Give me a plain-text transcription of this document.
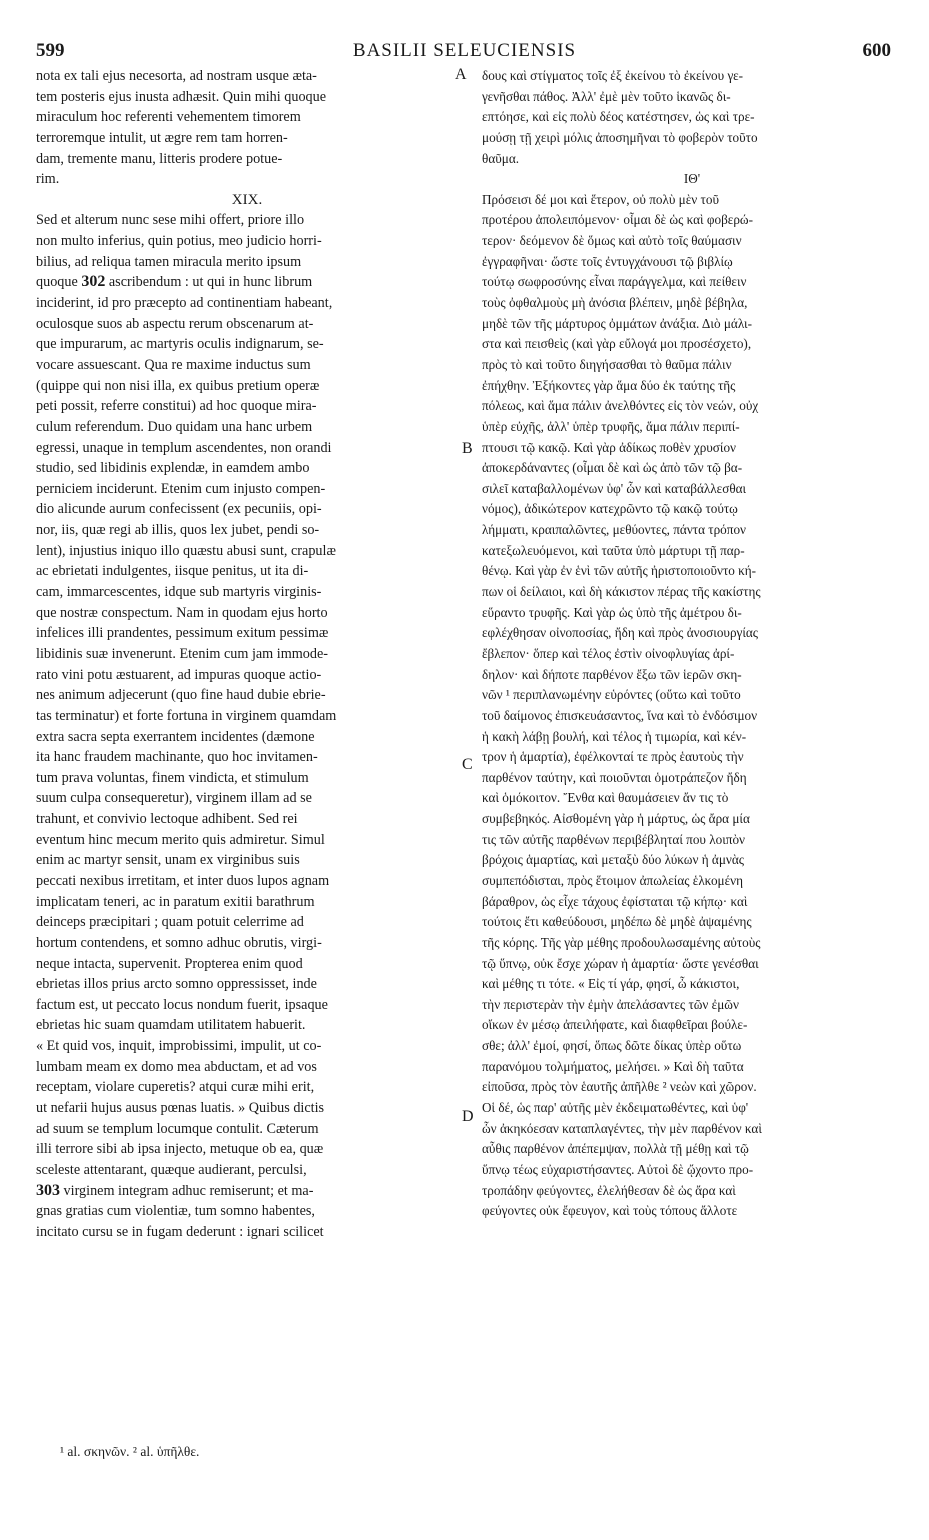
599	BASILII SELEUCIENSIS	600
nota ex tali ejus necesorta, ad nostram usque æta-
tem posteris ejus inusta adhæsit. Quin mihi quoque
miraculum hoc referenti vehementem timorem
terroremque intulit, ut ægre rem tam horren-
dam, tremente manu, litteris prodere potue-
rim.
XIX.
Sed et alterum nunc sese mihi offert, priore illo
non multo inferius, quin potius, meo judicio horri-
bilius, ad reliqua tamen miracula merito ipsum
quoque 302 ascribendum : ut qui in hunc librum
inciderint, id pro præcepto ad continentiam habeant,
oculosque suos ab aspectu rerum obscenarum at-
que impurarum, ac martyris oculis indignarum, se-
vocare assuescant. Qua re maxime inductus sum
(quippe qui non nisi illa, ex quibus pretium operæ
peti possit, referre constitui) ad hoc quoque mira-
culum referendum. Duo quidam una hanc urbem
egressi, unaque in templum ascendentes, non orandi
studio, sed libidinis explendæ, in eamdem ambo
perniciem inciderunt. Etenim cum injusto compen-
dio alicunde aurum confecissent (ex pecuniis, opi-
nor, iis, quæ regi ab illis, quos lex jubet, pendi so-
lent), injustius iniquo illo quæstu abusi sunt, crapulæ
ac ebrietati indulgentes, iisque penitus, ut ita di-
cam, immarcescentes, idque sub martyris virginis-
que nostræ conspectum. Nam in quodam ejus horto
infelices illi prandentes, pessimum exitum pessimæ
libidinis suæ invenerunt. Etenim cum jam immode-
rato vini potu æstuarent, ad impuras quoque actio-
nes animum adjecerunt (quo fine haud dubie ebrie-
tas terminatur) et forte fortuna in virginem quamdam
extra sacra septa exerrantem incidentes (dæmone
ita hanc fraudem machinante, quo hoc invitamen-
tum prava voluntas, finem vindicta, et stimulum
suum culpa consequeretur), virginem illam ad se
trahunt, et convivio lectoque adhibent. Sed rei
eventum hinc mecum merito quis admiretur. Simul
enim ac martyr sensit, unam ex virginibus suis
peccati nexibus irretitam, et inter duos lupos agnam
implicatam teneri, ac in paratum exitii barathrum
deinceps præcipitari ; quam potuit celerrime ad
hortum contendens, et somno adhuc obrutis, virgi-
neque intacta, supervenit. Propterea enim quod
ebrietas illos prius arcto somno oppressisset, inde
factum est, ut peccato locus nondum fuerit, ipsaque
ebrietas hic suam quamdam utilitatem habuerit.
« Et quid vos, inquit, improbissimi, impulit, ut co-
lumbam meam ex domo mea abductam, et ad vos
receptam, violare cuperetis? atqui curæ mihi erit,
ut nefarii hujus ausus pœnas luatis. » Quibus dictis
ad suum se templum locumque contulit. Cæterum
illi terrore sibi ab ipsa injecto, metuque ob ea, quæ
sceleste attentarant, quæque audierant, perculsi,
303 virginem integram adhuc remiserunt; et ma-
gnas gratias cum violentiæ, tum somno habentes,
incitato cursu se in fugam dederunt : ignari scilicet
δους καὶ στίγματος τοῖς ἐξ ἐκείνου τὸ ἐκείνου γε-
γενῆσθαι πάθος. Ἀλλ' ἐμὲ μὲν τοῦτο ἱκανῶς δι-
επτόησε, καὶ εἰς πολὺ δέος κατέστησεν, ὡς καὶ τρε-
μούσῃ τῇ χειρὶ μόλις ἀποσημῆναι τὸ φοβερὸν τοῦτο
θαῦμα.
ΙΘ'
Πρόσεισι δέ μοι καὶ ἕτερον, οὐ πολὺ μὲν τοῦ
προτέρου ἀπολειπόμενον· οἶμαι δὲ ὡς καὶ φοβερώ-
τερον· δεόμενον δὲ ὅμως καὶ αὐτὸ τοῖς θαύμασιν
ἐγγραφῆναι· ὥστε τοῖς ἐντυγχάνουσι τῷ βιβλίῳ
τούτῳ σωφροσύνης εἶναι παράγγελμα, καὶ πείθειν
τοὺς ὀφθαλμοὺς μὴ ἀνόσια βλέπειν, μηδὲ βέβηλα,
μηδὲ τῶν τῆς μάρτυρος ὀμμάτων ἀνάξια. Διὸ μάλι-
στα καὶ πεισθεὶς (καὶ γὰρ εὔλογά μοι προσέσχετο),
πρὸς τὸ καὶ τοῦτο διηγήσασθαι τὸ θαῦμα πάλιν
ἐπήχθην. Ἐξήκοντες γὰρ ἅμα δύο ἐκ ταύτης τῆς
πόλεως, καὶ ἅμα πάλιν ἀνελθόντες εἰς τὸν νεών, οὐχ
ὑπὲρ εὐχῆς, ἀλλ' ὑπὲρ τρυφῆς, ἅμα πάλιν περιπί-
πτουσι τῷ κακῷ. Καὶ γὰρ ἀδίκως ποθὲν χρυσίον
ἀποκερδάναντες (οἶμαι δὲ καὶ ὡς ἀπὸ τῶν τῷ βα-
σιλεῖ καταβαλλομένων ὑφ' ὧν καὶ καταβάλλεσθαι
νόμος), ἀδικώτερον κατεχρῶντο τῷ κακῷ τούτῳ
λήμματι, κραιπαλῶντες, μεθύοντες, πάντα τρόπον
κατεξωλευόμενοι, καὶ ταῦτα ὑπὸ μάρτυρι τῇ παρ-
θένῳ. Καὶ γὰρ ἐν ἑνὶ τῶν αὐτῆς ἠριστοποιοῦντο κή-
πων οἱ δείλαιοι, καὶ δὴ κάκιστον πέρας τῆς κακίστης
εὕραντο τρυφῆς. Καὶ γὰρ ὡς ὑπὸ τῆς ἀμέτρου δι-
εφλέχθησαν οἰνοποσίας, ἤδη καὶ πρὸς ἀνοσιουργίας
ἔβλεπον· ὅπερ καὶ τέλος ἐστὶν οἰνοφλυγίας ἀρί-
δηλον· καὶ δήποτε παρθένον ἔξω τῶν ἱερῶν σκη-
νῶν ¹ περιπλανωμένην εὑρόντες (οὕτω καὶ τοῦτο
τοῦ δαίμονος ἐπισκευάσαντος, ἵνα καὶ τὸ ἐνδόσιμον
ἡ κακὴ λάβῃ βουλή, καὶ τέλος ἡ τιμωρία, καὶ κέν-
τρον ἡ ἁμαρτία), ἐφέλκονταί τε πρὸς ἑαυτοὺς τὴν
παρθένον ταύτην, καὶ ποιοῦνται ὁμοτράπεζον ἤδη
καὶ ὁμόκοιτον. Ἔνθα καὶ θαυμάσειεν ἄν τις τὸ
συμβεβηκός. Αἰσθομένη γὰρ ἡ μάρτυς, ὡς ἄρα μία
τις τῶν αὐτῆς παρθένων περιβέβληταί που λοιπὸν
βρόχοις ἁμαρτίας, καὶ μεταξὺ δύο λύκων ἡ ἀμνὰς
συμπεπόδισται, πρὸς ἕτοιμον ἀπωλείας ἑλκομένη
βάραθρον, ὡς εἶχε τάχους ἐφίσταται τῷ κήπῳ· καὶ
τούτοις ἔτι καθεύδουσι, μηδέπω δὲ μηδὲ ἀψαμένης
τῆς κόρης. Τῆς γὰρ μέθης προδουλωσαμένης αὐτοὺς
τῷ ὕπνῳ, οὐκ ἔσχε χώραν ἡ ἁμαρτία· ὥστε γενέσθαι
καὶ μέθης τι τότε. « Εἰς τί γάρ, φησί, ὦ κάκιστοι,
τὴν περιστερὰν τὴν ἐμὴν ἀπελάσαντες τῶν ἐμῶν
οἴκων ἐν μέσῳ ἀπειλήφατε, καὶ διαφθεῖραι βούλε-
σθε; ἀλλ' ἐμοί, φησί, ὅπως δῶτε δίκας ὑπὲρ οὕτω
παρανόμου τολμήματος, μελήσει. » Καὶ δὴ ταῦτα
εἰποῦσα, πρὸς τὸν ἑαυτῆς ἀπῆλθε ² νεὼν καὶ χῶρον.
Οἱ δέ, ὡς παρ' αὐτῆς μὲν ἐκδειματωθέντες, καὶ ὑφ'
ὧν ἀκηκόεσαν καταπλαγέντες, τὴν μὲν παρθένον καὶ
αὖθις παρθένον ἀπέπεμψαν, πολλὰ τῇ μέθῃ καὶ τῷ
ὕπνῳ τέως εὐχαριστήσαντες. Αὐτοὶ δὲ ᾤχοντο προ-
τροπάδην φεύγοντες, ἐλελήθεσαν δὲ ὡς ἄρα καὶ
φεύγοντες οὐκ ἔφευγον, καὶ τοὺς τόπους ἄλλοτε
A
B
C
D
¹ al. σκηνῶν. ² al. ὑπῆλθε.
